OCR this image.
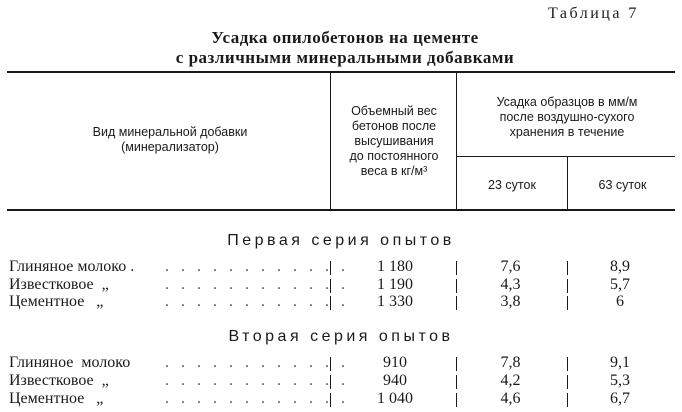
Таблица 7
Усадка опилобетонов на цементе
с различными минеральными добавками
Вид минеральной добавки
(минерализатор)
Объемный вес
бетонов после
высушивания
до постоянного
веса в кг/м³
Усадка образцов в мм/м
после воздушно-сухого
хранения в течение
23 суток	63 суток
Первая серия опытов
Глиняное молоко . . . . . . . . . . . . .	1 180	7,6	8,9
Известковое  „	. . . . . . . . . . . .	1 190	4,3	5,7
Цементное   „	. . . . . . . . . . . .	1 330	3,8	6
Вторая серия опытов
Глиняное  молоко . . . . . . . . . . . .	910	7,8	9,1
Известковое  „	. . . . . . . . . . . .	940	4,2	5,3
Цементное   „	. . . . . . . . . . . .	1 040	4,6	6,7
